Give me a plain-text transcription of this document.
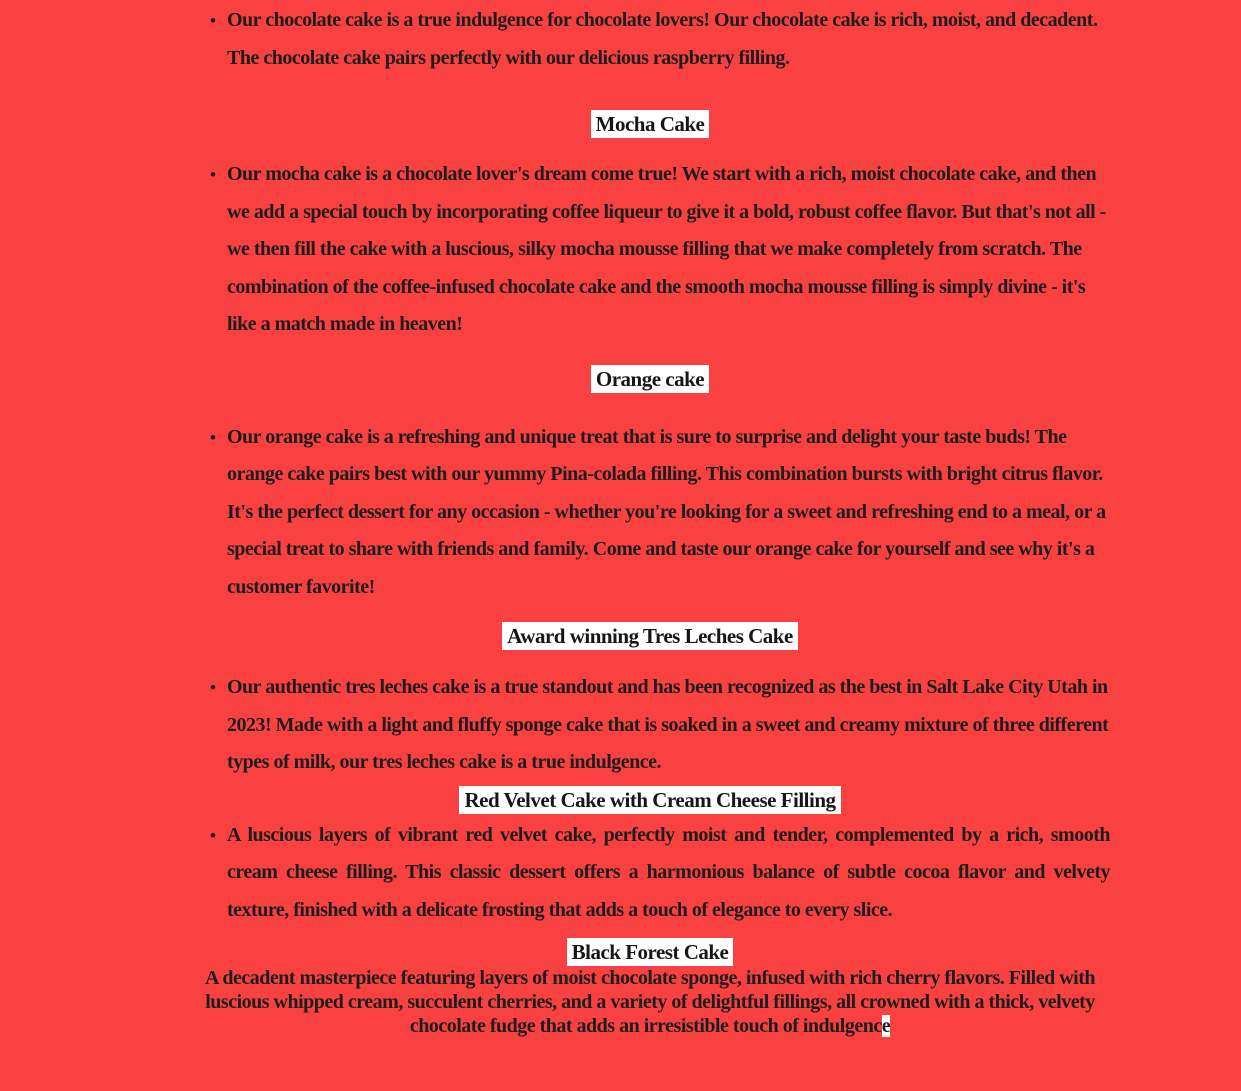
• Our chocolate cake is a true indulgence for chocolate lovers! Our chocolate cake is rich, moist, and decadent. The chocolate cake pairs perfectly with our delicious raspberry filling.
Mocha Cake
• Our mocha cake is a chocolate lover's dream come true! We start with a rich, moist chocolate cake, and then we add a special touch by incorporating coffee liqueur to give it a bold, robust coffee flavor. But that's not all - we then fill the cake with a luscious, silky mocha mousse filling that we make completely from scratch. The combination of the coffee-infused chocolate cake and the smooth mocha mousse filling is simply divine - it's like a match made in heaven!
Orange cake
• Our orange cake is a refreshing and unique treat that is sure to surprise and delight your taste buds! The orange cake pairs best with our yummy Pina-colada filling. This combination bursts with bright citrus flavor. It's the perfect dessert for any occasion - whether you're looking for a sweet and refreshing end to a meal, or a special treat to share with friends and family. Come and taste our orange cake for yourself and see why it's a customer favorite!
Award winning Tres Leches Cake
• Our authentic tres leches cake is a true standout and has been recognized as the best in Salt Lake City Utah in 2023! Made with a light and fluffy sponge cake that is soaked in a sweet and creamy mixture of three different types of milk, our tres leches cake is a true indulgence.
Red Velvet Cake with Cream Cheese Filling
• A luscious layers of vibrant red velvet cake, perfectly moist and tender, complemented by a rich, smooth cream cheese filling. This classic dessert offers a harmonious balance of subtle cocoa flavor and velvety texture, finished with a delicate frosting that adds a touch of elegance to every slice.
Black Forest Cake

A decadent masterpiece featuring layers of moist chocolate sponge, infused with rich cherry flavors. Filled with luscious whipped cream, succulent cherries, and a variety of delightful fillings, all crowned with a thick, velvety chocolate fudge that adds an irresistible touch of indulgence
